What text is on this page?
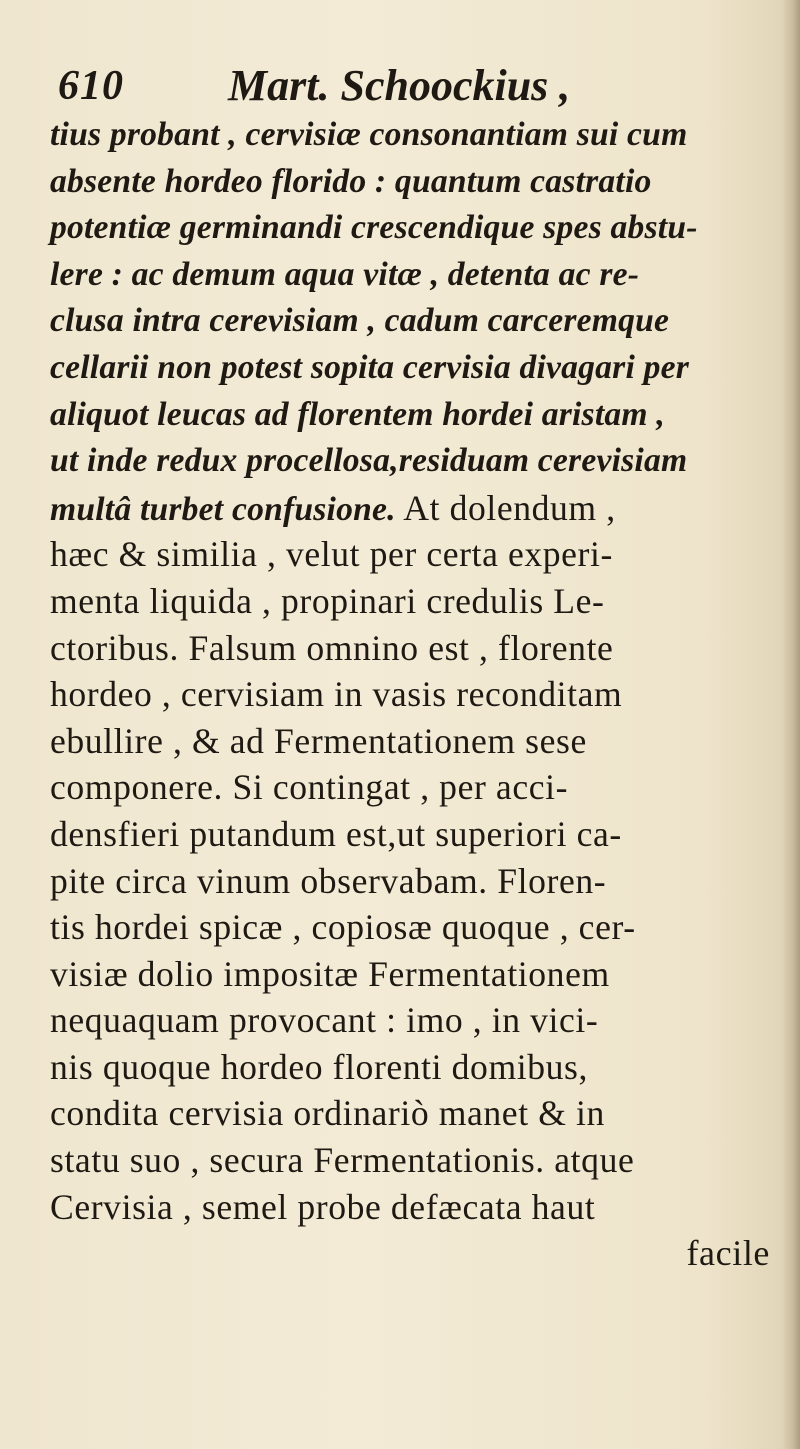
610 Mart. Schoockius ,
tius probant , cervisiæ consonantiam sui cum
absente hordeo florido : quantum castratio
potentiæ germinandi crescendique spes abstu-
lere : ac demum aqua vitæ , detenta ac re-
clusa intra cerevisiam , cadum carceremque
cellarii non potest sopita cervisia divagari per
aliquot leucas ad florentem hordei aristam ,
ut inde redux procellosa,residuam cerevisiam
multâ turbet confusione. At dolendum ,
hæc & similia , velut per certa experi-
menta liquida , propinari credulis Le-
ctoribus. Falsum omnino est , florente
hordeo , cervisiam in vasis reconditam
ebullire , & ad Fermentationem sese
componere. Si contingat , per acci-
densfieri putandum est,ut superiori ca-
pite circa vinum observabam. Floren-
tis hordei spicæ , copiosæ quoque , cer-
visiæ dolio impositæ Fermentationem
nequaquam provocant : imo , in vici-
nis quoque hordeo florenti domibus,
condita cervisia ordinariò manet & in
statu suo , secura Fermentationis. atque
Cervisia , semel probe defæcata haut
facile
